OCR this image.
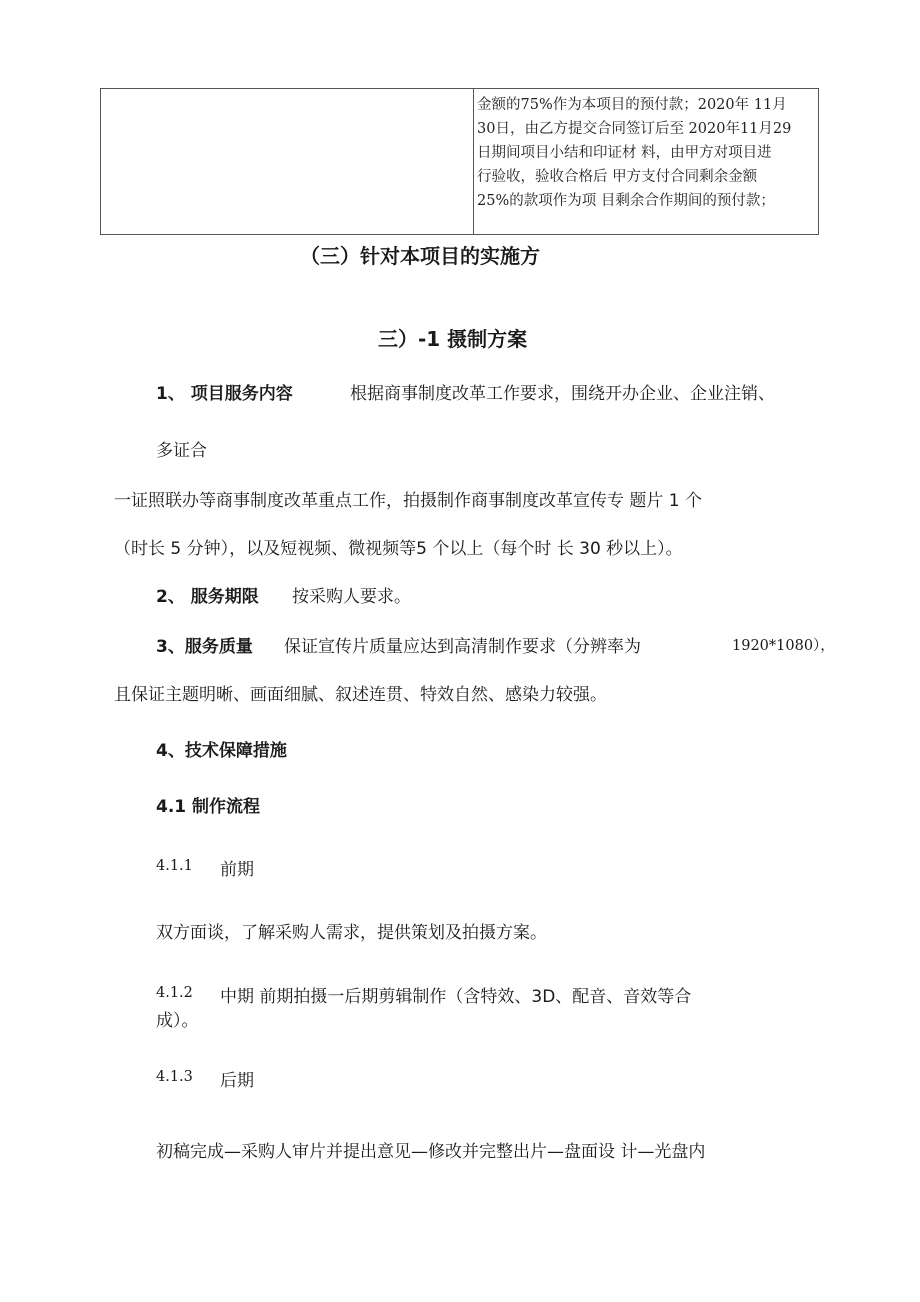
金额的75%作为本项目的预付款；2020年 11月
30日，由乙方提交合同签订后至 2020年11月29
日期间项目小结和印证材 料，由甲方对项目进
行验收，验收合格后 甲方支付合同剩余金额
25%的款项作为项 目剩余合作期间的预付款；
（三）针对本项目的实施方
三）-1 摄制方案
1、 项目服务内容	根据商事制度改革工作要求，围绕开办企业、企业注销、
多证合
一证照联办等商事制度改革重点工作，拍摄制作商事制度改革宣传专 题片 1 个
（时长 5 分钟），以及短视频、微视频等5 个以上（每个时 长 30 秒以上）。
2、 服务期限 按采购人要求。
3、服务质量 保证宣传片质量应达到高清制作要求（分辨率为	1920*1080），
且保证主题明晰、画面细腻、叙述连贯、特效自然、感染力较强。
4、技术保障措施
4.1 制作流程
4.1.1 前期
双方面谈，了解采购人需求，提供策划及拍摄方案。
4.1.2 中期 前期拍摄一后期剪辑制作（含特效、3D、配音、音效等合
成）。
4.1.3 后期
初稿完成—采购人审片并提出意见—修改并完整出片—盘面设 计—光盘内
